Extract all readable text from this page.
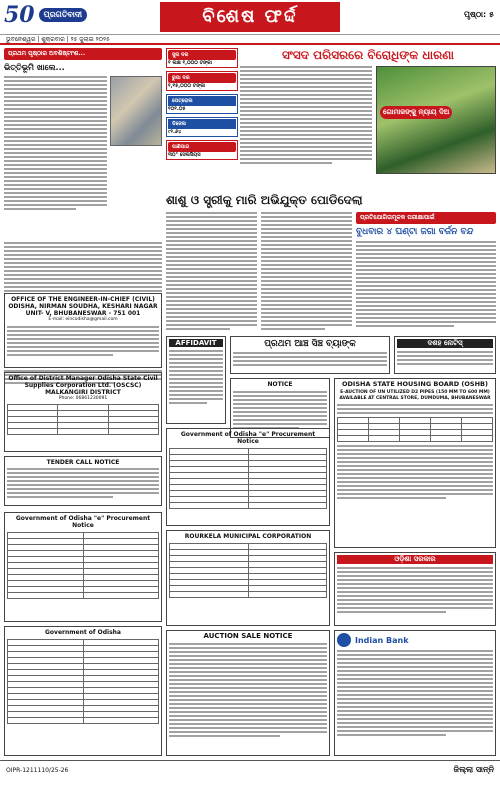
50	ପ୍ରଗତିବାଦୀ	ବିଶେଷ ଫର୍ଦ୍ଦ	ପୃଷ୍ଠା: ୫
ଭୁବନେଶ୍ୱର | ଶୁକ୍ରବାର | ୨୫ ଜୁଲାଇ ୨୦୨୫
ପ୍ରଥମ ପୃଷ୍ଠାର ଅବଶିଷ୍ଟାଂଶ...
ଭିତ୍ତିଭୂମି ଖାଲେ...
OFFICE OF THE ENGINEER-IN-CHIEF (CIVIL) ODISHA, NIRMAN SOUDHA, KESHARI NAGAR UNIT- V, BHUBANESWAR - 751 001
E-mail: eincodisha@gmail.com
Office of District Manager Odisha State Civil Supplies Corporation Ltd. (OSCSC) MALKANGIRI DISTRICT
Phone: 06861230091

TENDER CALL NOTICE
Government of Odisha "e" Procurement Notice

Government of Odisha

ସୁନା ଦର
୧ ଲକ୍ଷ ୧,୦୦୦ ଟଙ୍କା
ରୁପା ଦର
୧,୧୫,୦୦୦ ଟଙ୍କା
ପେଟ୍ରୋଲ
୧୦୧.୦୫
ଡିଜେଲ
୯୨.୬୪
ପାଣିପାଗ
୩୦° ସେଲସିୟସ
ସଂସଦ ପରିସରରେ ବିରୋଧିଙ୍କ ଧାରଣା
ଗୋମାଜଙ୍କୁ ନ୍ୟାୟ ଦିଅ
ଶାଶୁ ଓ ସ୍ତ୍ରୀକୁ ମାରି ଅଭିଯୁକ୍ତ ପୋଡିଦେଲା
ପ୍ରତିଯୋଗିତାମୂଳକ ପରୀକ୍ଷାପାଇଁ
ବୁଧବାର ୪ ଘଣ୍ଟା ଜଗା ବର୍ଜନ ବନ୍ଦ
AFFIDAVIT	ପ୍ରଥମ ଆଞ୍ଚ ସିଞ୍ଚ ବ୍ୟାଙ୍କ	ଦଶହ ନୋଟିସ୍
NOTICE	ODISHA STATE HOUSING BOARD (OSHB)
E-AUCTION OF UN UTILIZED D2 PIPES (150 MM TO 600 MM) AVAILABLE AT CENTRAL STORE, DUMDUMA, BHUBANESWAR

Government of Odisha "e" Procurement Notice

ROURKELA MUNICIPAL CORPORATION

ଓଡ଼ିଶା ସରକାର
AUCTION SALE NOTICE	Indian Bank
OIPR-1211110/25-26	ଜିଲ୍ଲା ସାନ୍ନି
